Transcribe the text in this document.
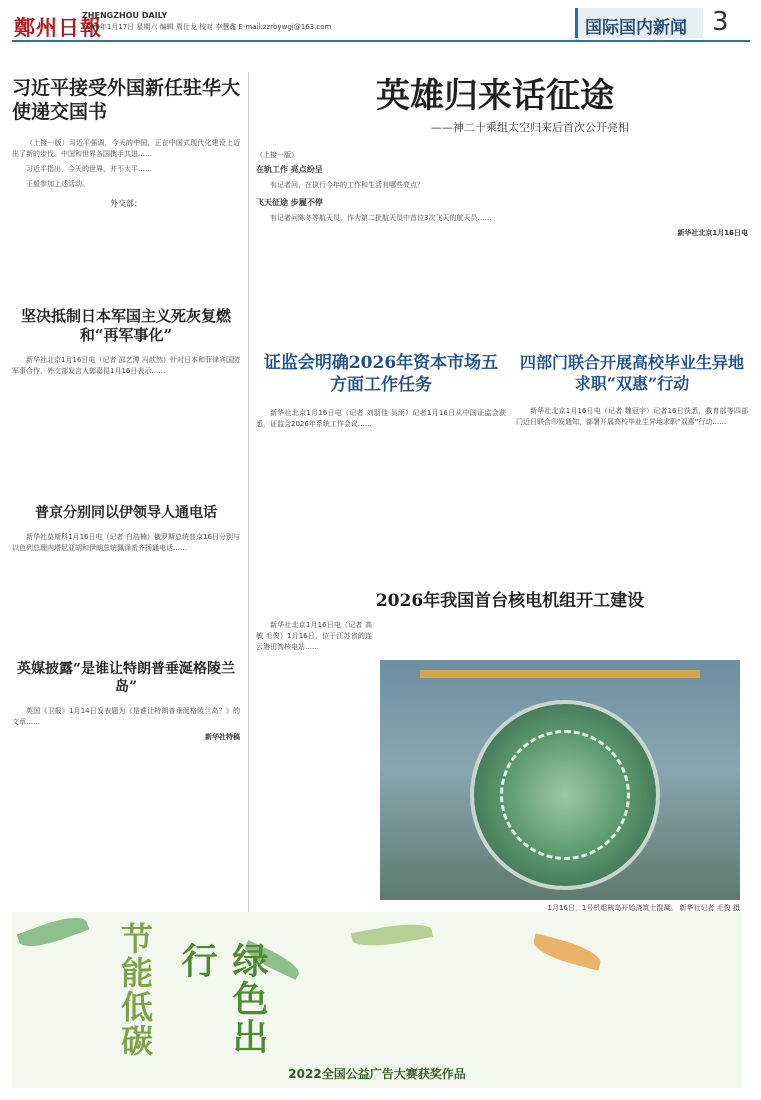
鄭州日報
ZHENGZHOU DAILY
2026年1月17日 星期六 编辑 周仕龙 校对 李慧鑫 E-mail:zzrbywgj@163.com	国际国内新闻 3
习近平接受外国新任驻华大使递交国书
（上接一版）习近平强调，今天的中国，正在中国式现代化建设上迈出了新的步伐。中国和世界各国携手共进……
习近平指出，今天的世界，并不太平……
王毅参加上述活动。
外交部：
坚决抵制日本军国主义死灰复燃和“再军事化”
新华社北京1月16日电（记者 邵艺博 冯歆然）针对日本和菲律宾国防军事合作，外交部发言人郭嘉昆1月16日表示……
普京分别同以伊领导人通电话
新华社莫斯科1月16日电（记者 白浩楠）俄罗斯总统普京16日分别与以色列总理内塔尼亚胡和伊朗总统佩泽希齐扬通电话……
英媒披露“是谁让特朗普垂涎格陵兰岛”
英国《卫报》1月14日发表题为《是谁让特朗普垂涎格陵兰岛？》的文章……
新华社特稿
英雄归来话征途
——神二十乘组太空归来后首次公开亮相
（上接一版）
在轨工作 亮点纷呈
有记者问，在执行今年的工作和生活有哪些亮点？
飞天征途 步履不停
有记者问陈冬等航天员，作为第二批航天员中首位3次飞天的航天员……
新华社北京1月16日电
证监会明确2026年资本市场五方面工作任务
新华社北京1月16日电（记者 刘羽佳 吴雨）记者1月16日从中国证监会获悉，证监会2026年系统工作会议……
四部门联合开展高校毕业生异地求职“双惠”行动
新华社北京1月16日电（记者 魏冠宇）记者16日获悉，教育部等四部门近日联合印发通知，部署开展高校毕业生异地求职“双惠”行动……
2026年我国首台核电机组开工建设
新华社北京1月16日电（记者 高敏 毛俊）1月16日，位于江苏省的连云港田湾核电站……
1月16日，1号机组核岛开始浇筑土混凝。 新华社记者 毛俊 摄
节能低碳	绿色出行
2022全国公益广告大赛获奖作品
